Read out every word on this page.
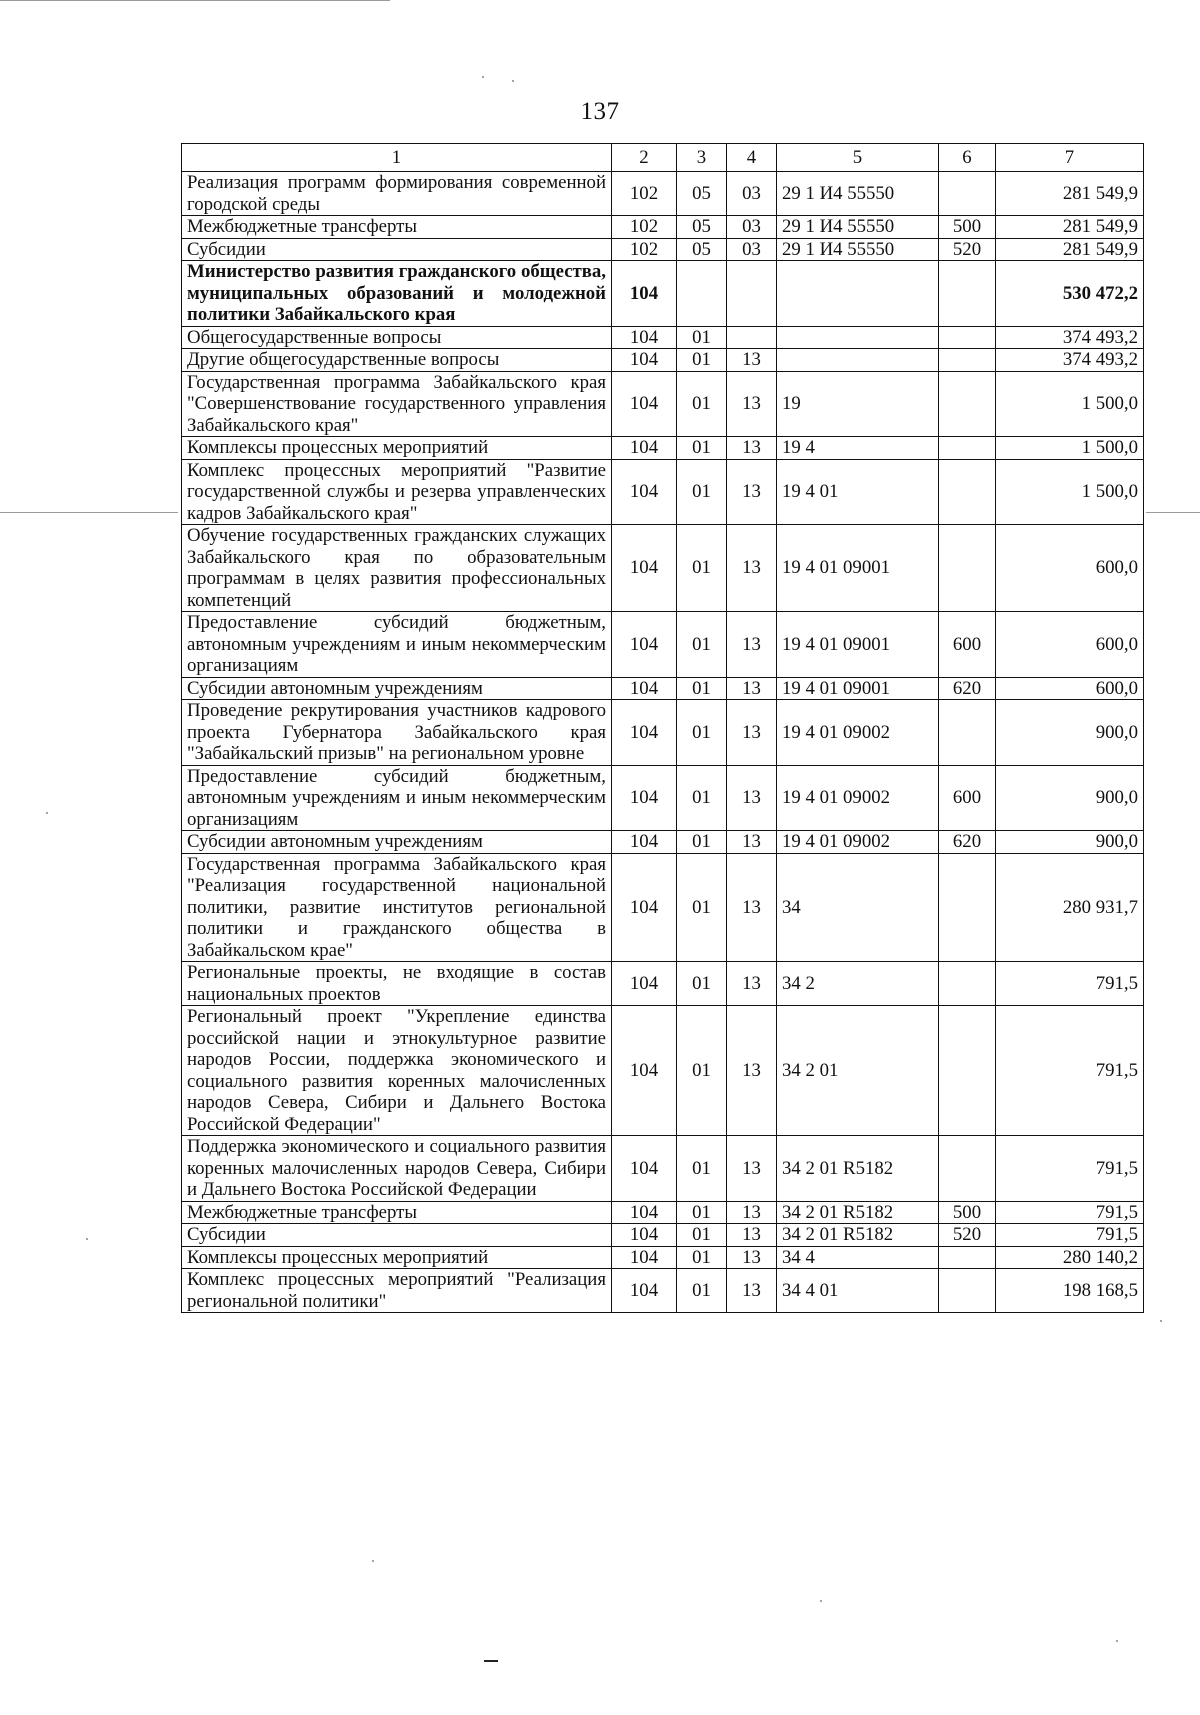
137
1	2	3	4	5	6	7
Реализация программ формирования современной городской среды	102	05	03	29 1 И4 55550		281 549,9
Межбюджетные трансферты	102	05	03	29 1 И4 55550	500	281 549,9
Субсидии	102	05	03	29 1 И4 55550	520	281 549,9
Министерство развития гражданского общества, муниципальных образований и молодежной политики Забайкальского края	104					530 472,2
Общегосударственные вопросы	104	01				374 493,2
Другие общегосударственные вопросы	104	01	13			374 493,2
Государственная программа Забайкальского края "Совершенствование государственного управления Забайкальского края"	104	01	13	19		1 500,0
Комплексы процессных мероприятий	104	01	13	19 4		1 500,0
Комплекс процессных мероприятий "Развитие государственной службы и резерва управленческих кадров Забайкальского края"	104	01	13	19 4 01		1 500,0
Обучение государственных гражданских служащих Забайкальского края по образовательным программам в целях развития профессиональных компетенций	104	01	13	19 4 01 09001		600,0
Предоставление субсидий бюджетным, автономным учреждениям и иным некоммерческим организациям	104	01	13	19 4 01 09001	600	600,0
Субсидии автономным учреждениям	104	01	13	19 4 01 09001	620	600,0
Проведение рекрутирования участников кадрового проекта Губернатора Забайкальского края "Забайкальский призыв" на региональном уровне	104	01	13	19 4 01 09002		900,0
Предоставление субсидий бюджетным, автономным учреждениям и иным некоммерческим организациям	104	01	13	19 4 01 09002	600	900,0
Субсидии автономным учреждениям	104	01	13	19 4 01 09002	620	900,0
Государственная программа Забайкальского края "Реализация государственной национальной политики, развитие институтов региональной политики и гражданского общества в Забайкальском крае"	104	01	13	34		280 931,7
Региональные проекты, не входящие в состав национальных проектов	104	01	13	34 2		791,5
Региональный проект "Укрепление единства российской нации и этнокультурное развитие народов России, поддержка экономического и социального развития коренных малочисленных народов Севера, Сибири и Дальнего Востока Российской Федерации"	104	01	13	34 2 01		791,5
Поддержка экономического и социального развития коренных малочисленных народов Севера, Сибири и Дальнего Востока Российской Федерации	104	01	13	34 2 01 R5182		791,5
Межбюджетные трансферты	104	01	13	34 2 01 R5182	500	791,5
Субсидии	104	01	13	34 2 01 R5182	520	791,5
Комплексы процессных мероприятий	104	01	13	34 4		280 140,2
Комплекс процессных мероприятий "Реализация региональной политики"	104	01	13	34 4 01		198 168,5
